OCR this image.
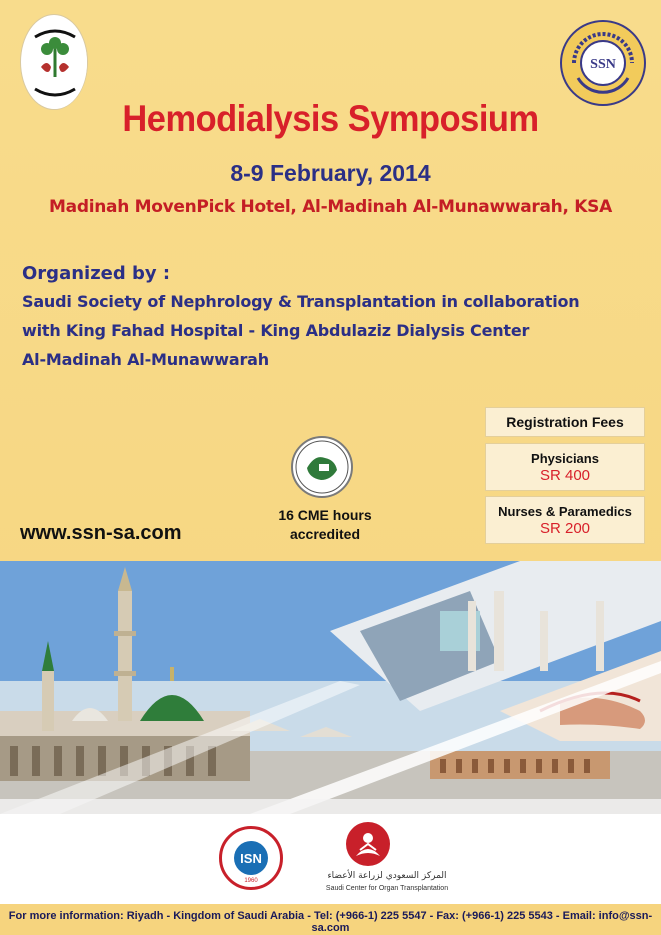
SSN
Hemodialysis Symposium
8-9 February, 2014
Madinah MovenPick Hotel, Al-Madinah Al-Munawwarah, KSA
Organized by :
Saudi Society of Nephrology & Transplantation in collaboration
with King Fahad Hospital - King Abdulaziz Dialysis Center
Al-Madinah Al-Munawwarah
Registration Fees
Physicians
SR 400
Nurses & Paramedics
SR 200
16 CME hours
accredited
www.ssn-sa.com
ISN
1960	المركز السعودي لزراعة الأعضاء
Saudi Center for Organ Transplantation
For more information: Riyadh - Kingdom of Saudi Arabia - Tel: (+966-1) 225 5547 - Fax: (+966-1) 225 5543 - Email: info@ssn-sa.com
